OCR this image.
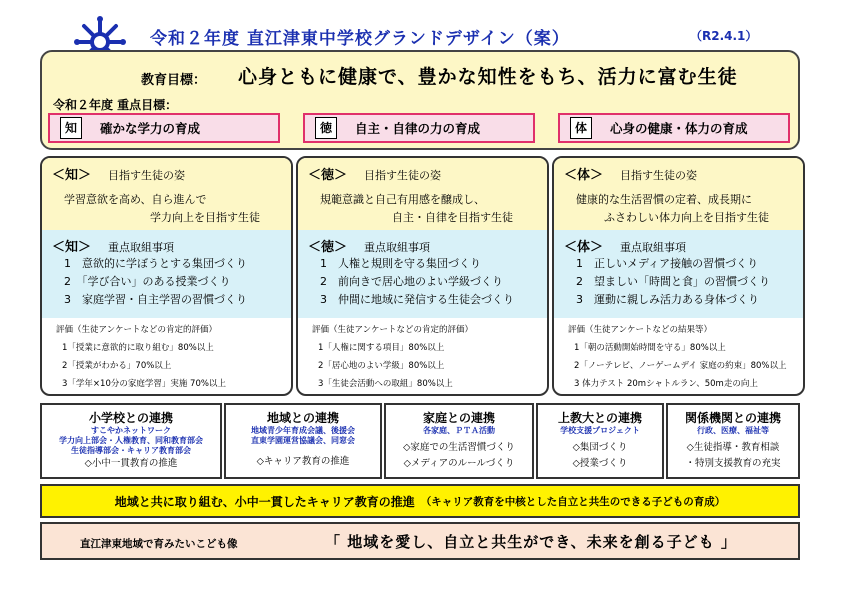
令和２年度 直江津東中学校グランドデザイン（案）	（R2.4.1）
教育目標： 心身ともに健康で、豊かな知性をもち、活力に富む生徒
令和２年度 重点目標：
知	確かな学力の育成	徳	自主・自律の力の育成	体	心身の健康・体力の育成
＜知＞ 目指す生徒の姿
学習意欲を高め、自ら進んで
学力向上を目指す生徒
＜知＞ 重点取組事項
1　意欲的に学ぼうとする集団づくり
2　「学び合い」のある授業づくり
3　家庭学習・自主学習の習慣づくり
評価（生徒アンケートなどの肯定的評価）
1「授業に意欲的に取り組む」80%以上
2「授業がわかる」70%以上
3「学年×10分の家庭学習」実施 70%以上
＜徳＞ 目指す生徒の姿
規範意識と自己有用感を醸成し、
自主・自律を目指す生徒
＜徳＞ 重点取組事項
1　人権と規則を守る集団づくり
2　前向きで居心地のよい学級づくり
3　仲間に地域に発信する生徒会づくり
評価（生徒アンケートなどの肯定的評価）
1「人権に関する項目」80%以上
2「居心地のよい学級」80%以上
3「生徒会活動への取組」80%以上
＜体＞ 目指す生徒の姿
健康的な生活習慣の定着、成長期に
ふさわしい体力向上を目指す生徒
＜体＞ 重点取組事項
1　正しいメディア接触の習慣づくり
2　望ましい「時間と食」の習慣づくり
3　運動に親しみ活力ある身体づくり
評価（生徒アンケートなどの結果等）
1「朝の活動開始時間を守る」80%以上
2「ノーテレビ、ノーゲームデイ 家庭の約束」80%以上
3 体力テスト 20mシャトルラン、50m走の向上
小学校との連携
すこやかネットワーク
学力向上部会・人権教育、同和教育部会
生徒指導部会・キャリア教育部会
◇小中一貫教育の推進
地域との連携
地域青少年育成会議、後援会
直東学園運営協議会、同窓会
◇キャリア教育の推進
家庭との連携
各家庭、ＰＴＡ活動
◇家庭での生活習慣づくり
◇メディアのルールづくり
上教大との連携
学校支援プロジェクト
◇集団づくり
◇授業づくり
関係機関との連携
行政、医療、福祉等
◇生徒指導・教育相談
・特別支援教育の充実
地域と共に取り組む、小中一貫したキャリア教育の推進 （キャリア教育を中核とした自立と共生のできる子どもの育成）
直江津東地域で育みたいこども像	「 地域を愛し、自立と共生ができ、未来を創る子ども 」
